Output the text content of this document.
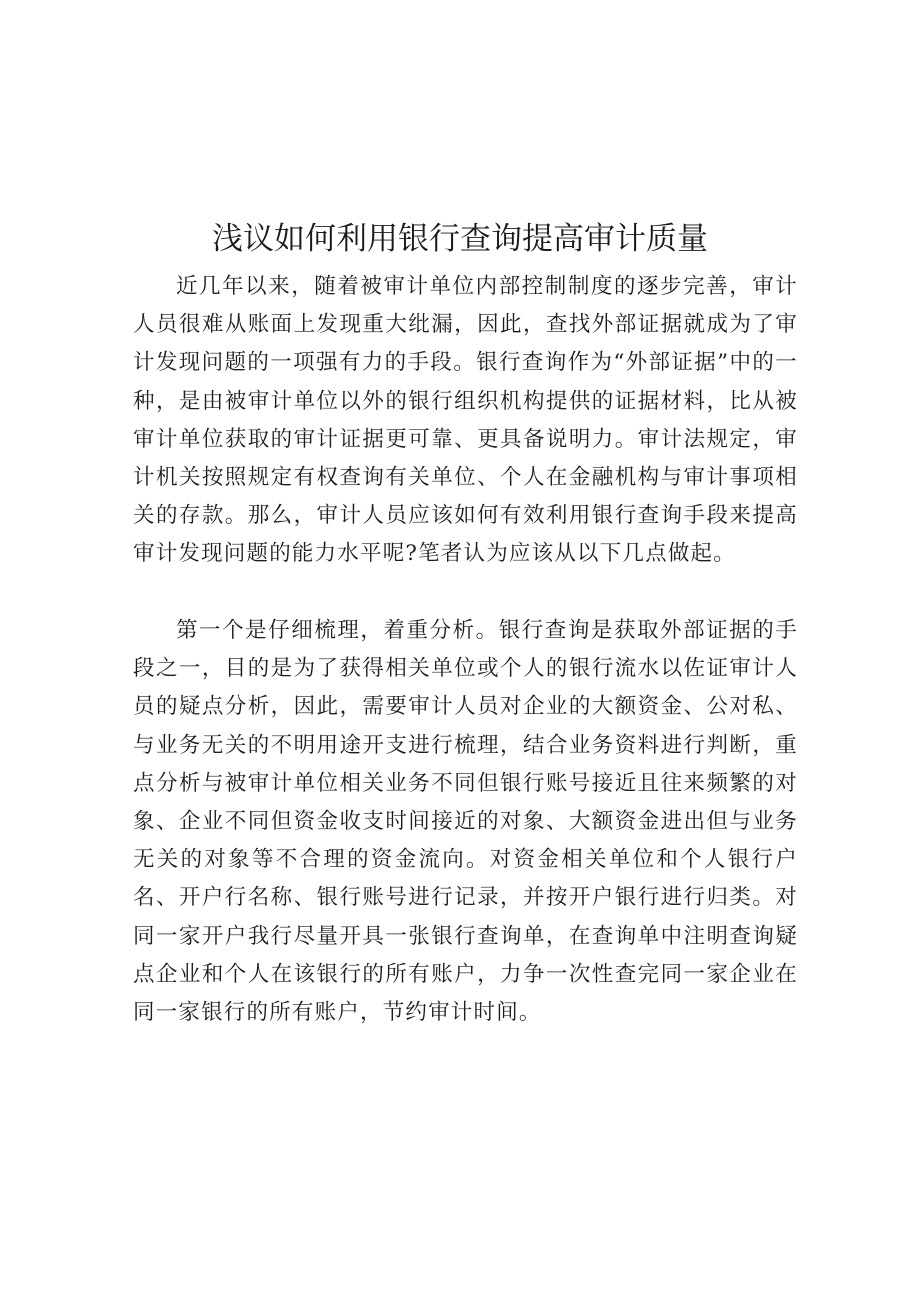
浅议如何利用银行查询提高审计质量

近几年以来，随着被审计单位内部控制制度的逐步完善，审计人员很难从账面上发现重大纰漏，因此，查找外部证据就成为了审计发现问题的一项强有力的手段。银行查询作为“外部证据”中的一种，是由被审计单位以外的银行组织机构提供的证据材料，比从被审计单位获取的审计证据更可靠、更具备说明力。审计法规定，审计机关按照规定有权查询有关单位、个人在金融机构与审计事项相关的存款。那么，审计人员应该如何有效利用银行查询手段来提高审计发现问题的能力水平呢?笔者认为应该从以下几点做起。

第一个是仔细梳理，着重分析。银行查询是获取外部证据的手段之一，目的是为了获得相关单位或个人的银行流水以佐证审计人员的疑点分析，因此，需要审计人员对企业的大额资金、公对私、与业务无关的不明用途开支进行梳理，结合业务资料进行判断，重点分析与被审计单位相关业务不同但银行账号接近且往来频繁的对象、企业不同但资金收支时间接近的对象、大额资金进出但与业务无关的对象等不合理的资金流向。对资金相关单位和个人银行户名、开户行名称、银行账号进行记录，并按开户银行进行归类。对同一家开户我行尽量开具一张银行查询单，在查询单中注明查询疑点企业和个人在该银行的所有账户，力争一次性查完同一家企业在同一家银行的所有账户，节约审计时间。
